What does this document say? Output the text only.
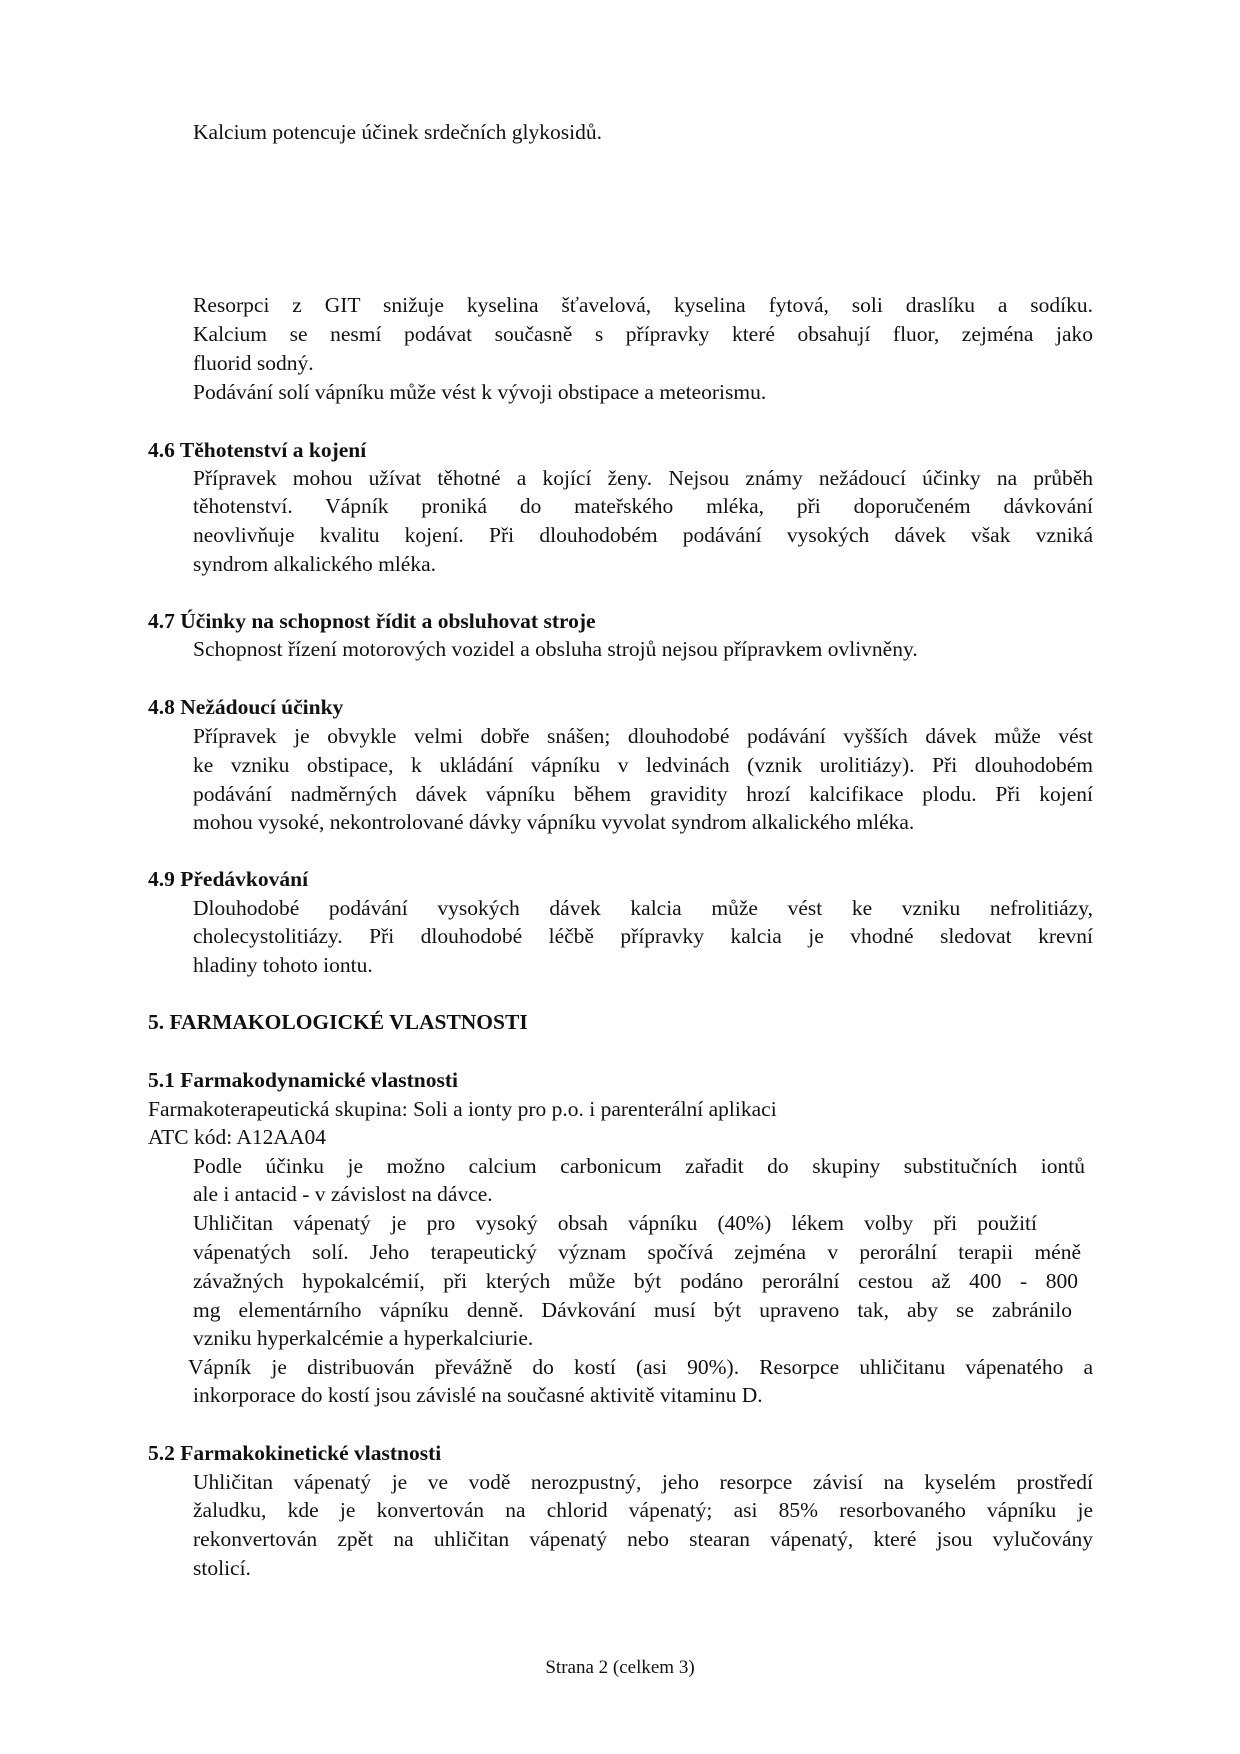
Kalcium potencuje účinek srdečních glykosidů.
Resorpci z GIT snižuje kyselina šťavelová, kyselina fytová, soli draslíku a sodíku.
Kalcium se nesmí podávat současně s přípravky které obsahují fluor, zejména jako
fluorid sodný.
Podávání solí vápníku může vést k vývoji obstipace a meteorismu.
4.6 Těhotenství a kojení
Přípravek mohou užívat těhotné a kojící ženy. Nejsou známy nežádoucí účinky na průběh
těhotenství. Vápník proniká do mateřského mléka, při doporučeném dávkování
neovlivňuje kvalitu kojení. Při dlouhodobém podávání vysokých dávek však vzniká
syndrom alkalického mléka.
4.7 Účinky na schopnost řídit a obsluhovat stroje
Schopnost řízení motorových vozidel a obsluha strojů nejsou přípravkem ovlivněny.
4.8 Nežádoucí účinky
Přípravek je obvykle velmi dobře snášen; dlouhodobé podávání vyšších dávek může vést
ke vzniku obstipace, k ukládání vápníku v ledvinách (vznik urolitiázy). Při dlouhodobém
podávání nadměrných dávek vápníku během gravidity hrozí kalcifikace plodu. Při kojení
mohou vysoké, nekontrolované dávky vápníku vyvolat syndrom alkalického mléka.
4.9 Předávkování
Dlouhodobé podávání vysokých dávek kalcia může vést ke vzniku nefrolitiázy,
cholecystolitiázy. Při dlouhodobé léčbě přípravky kalcia je vhodné sledovat krevní
hladiny tohoto iontu.
5. FARMAKOLOGICKÉ VLASTNOSTI
5.1 Farmakodynamické vlastnosti
Farmakoterapeutická skupina: Soli a ionty pro p.o. i parenterální aplikaci
ATC kód: A12AA04
Podle účinku je možno calcium carbonicum zařadit do skupiny substitučních iontů
ale i antacid - v závislost na dávce.
Uhličitan vápenatý je pro vysoký obsah vápníku (40%) lékem volby při použití
vápenatých solí. Jeho terapeutický význam spočívá zejména v perorální terapii méně
závažných hypokalcémií, při kterých může být podáno perorální cestou až 400 - 800
mg elementárního vápníku denně. Dávkování musí být upraveno tak, aby se zabránilo
vzniku hyperkalcémie a hyperkalciurie.
Vápník je distribuován převážně do kostí (asi 90%). Resorpce uhličitanu vápenatého a
inkorporace do kostí jsou závislé na současné aktivitě vitaminu D.
5.2 Farmakokinetické vlastnosti
Uhličitan vápenatý je ve vodě nerozpustný, jeho resorpce závisí na kyselém prostředí
žaludku, kde je konvertován na chlorid vápenatý; asi 85% resorbovaného vápníku je
rekonvertován zpět na uhličitan vápenatý nebo stearan vápenatý, které jsou vylučovány
stolicí.
Strana 2 (celkem 3)
